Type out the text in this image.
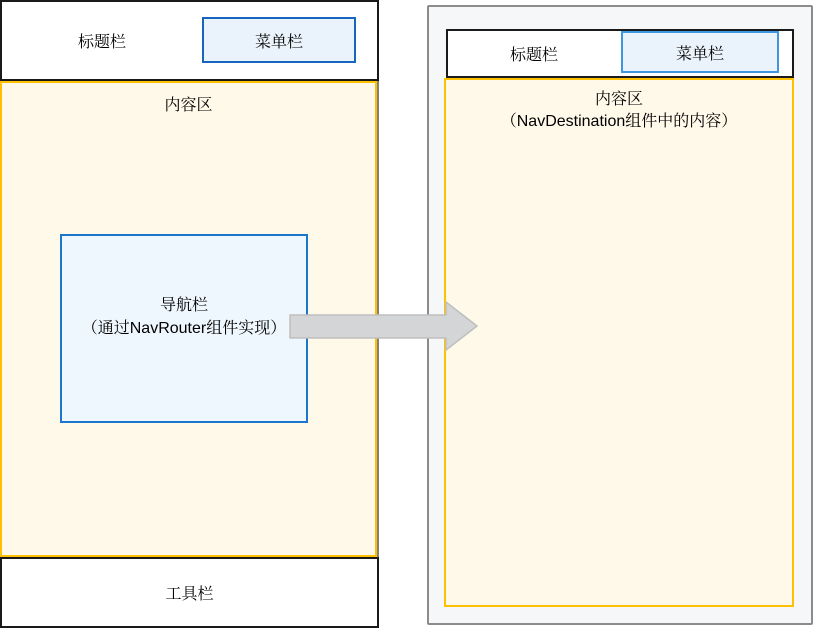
标题栏	菜单栏
内容区
导航栏
（通过NavRouter组件实现）
工具栏
标题栏	菜单栏
内容区
（NavDestination组件中的内容）
